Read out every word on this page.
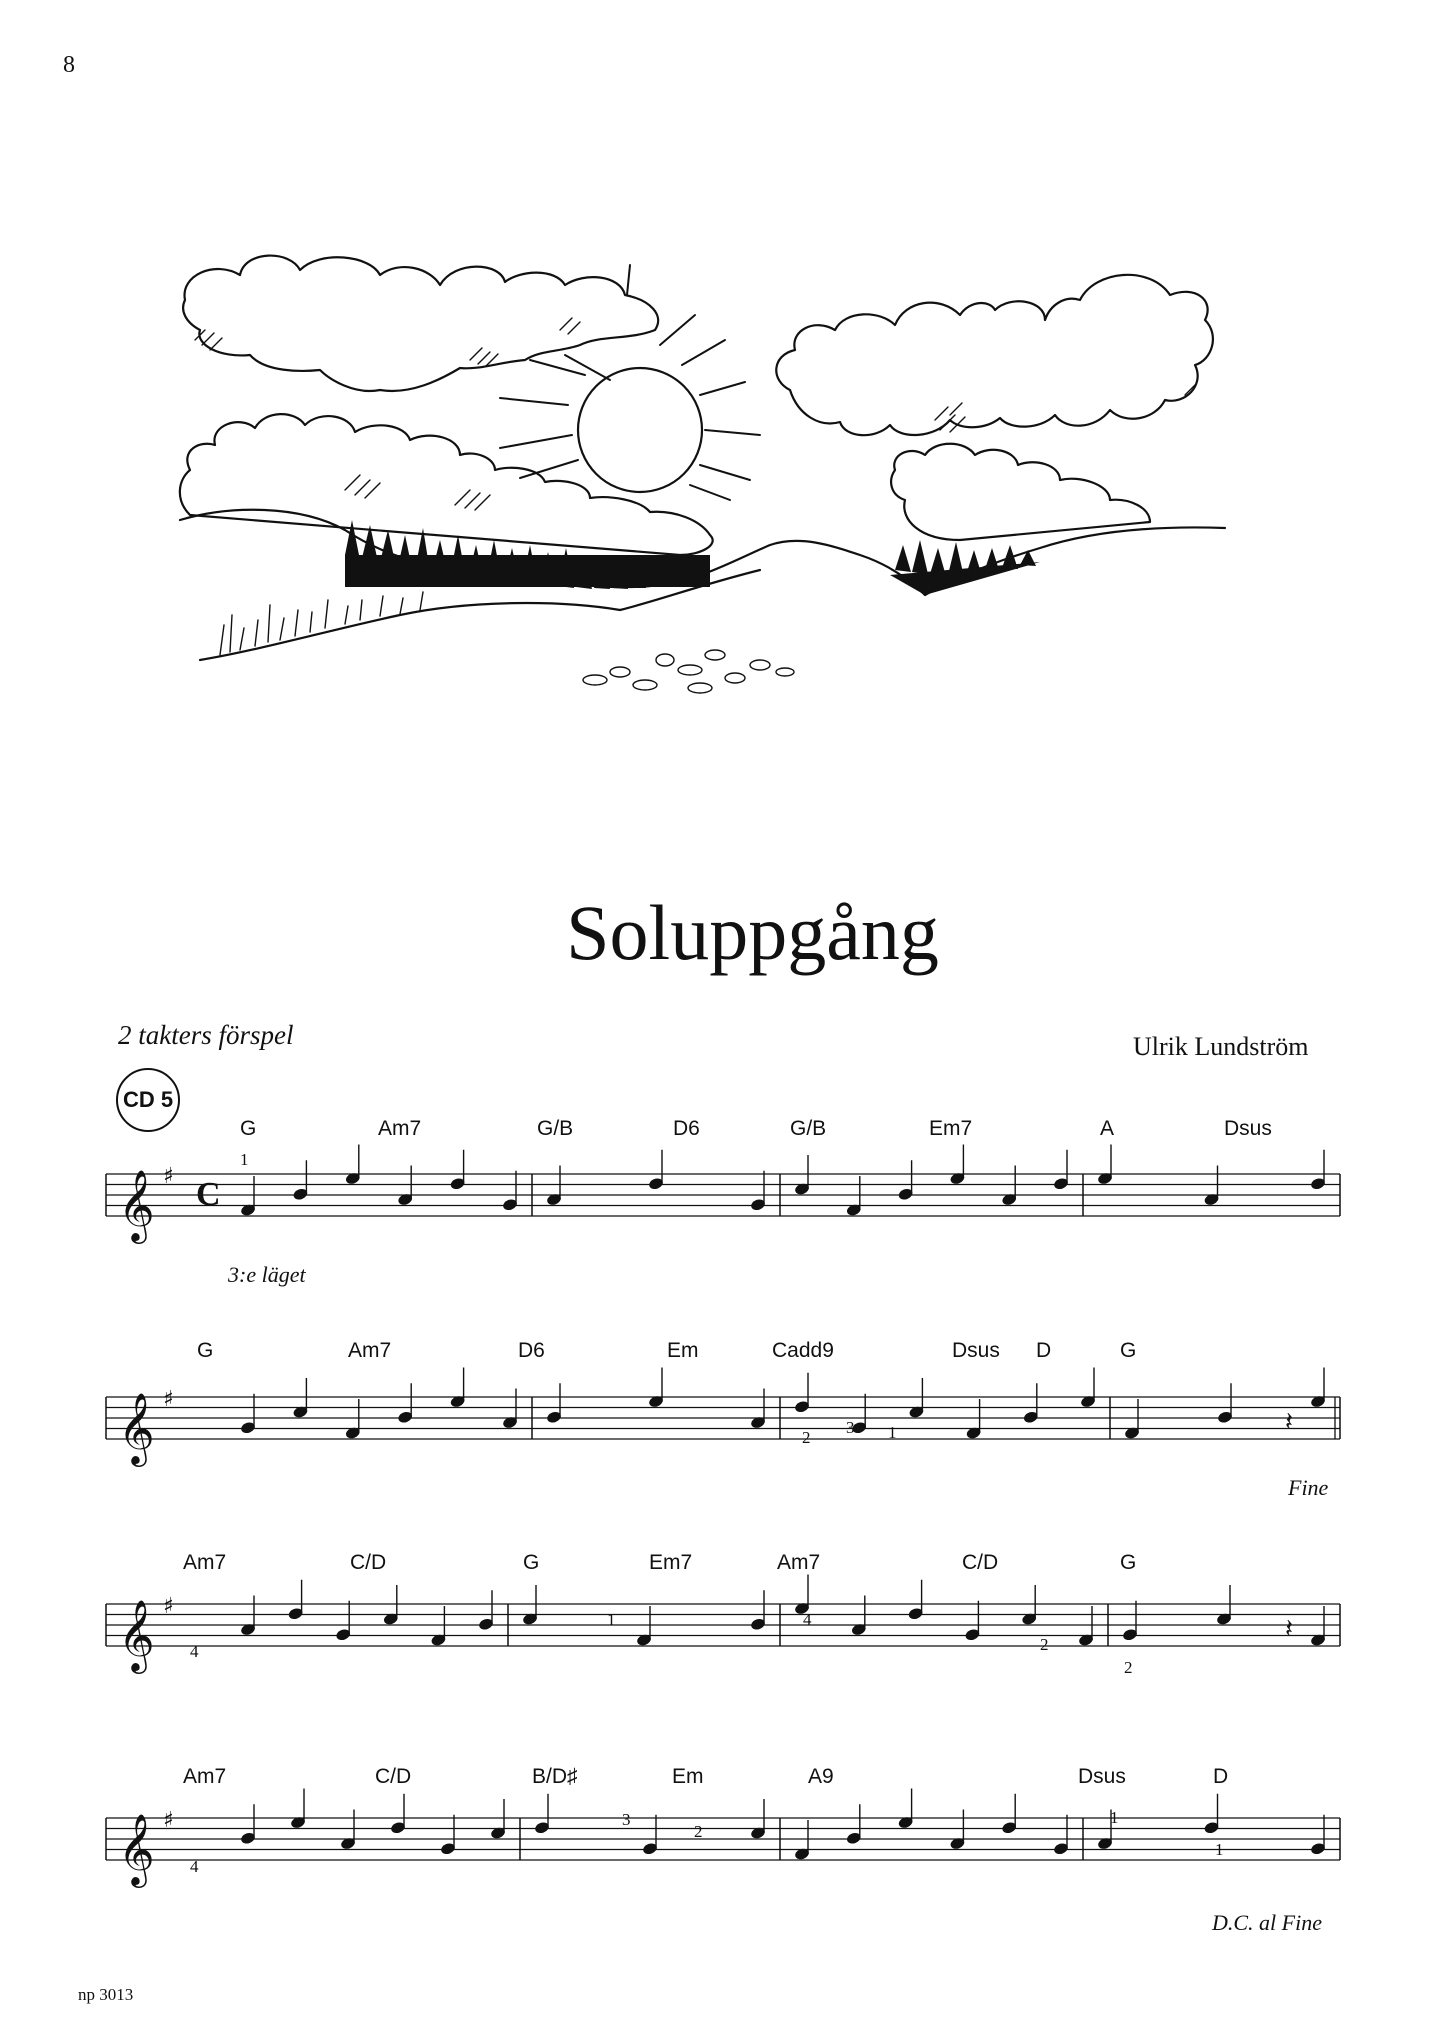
8
𝄞 ♯ C
𝄞 ♯
𝄽
𝄞 ♯
𝄽
𝄞 ♯
Soluppgång
2 takters förspel	Ulrik Lundström
CD 5
G	Am7	G/B	D6	G/B	Em7	A	Dsus
G	Am7	D6	Em	Cadd9	Dsus D	G
Am7	C/D	G	Em7	Am7	C/D	G
Am7	C/D	B/D♯	Em	A9	Dsus	D
3:e läget
Fine
D.C. al Fine
1
2
3 1
4
1	4
2
2
4
3
2
1
1
np 3013
